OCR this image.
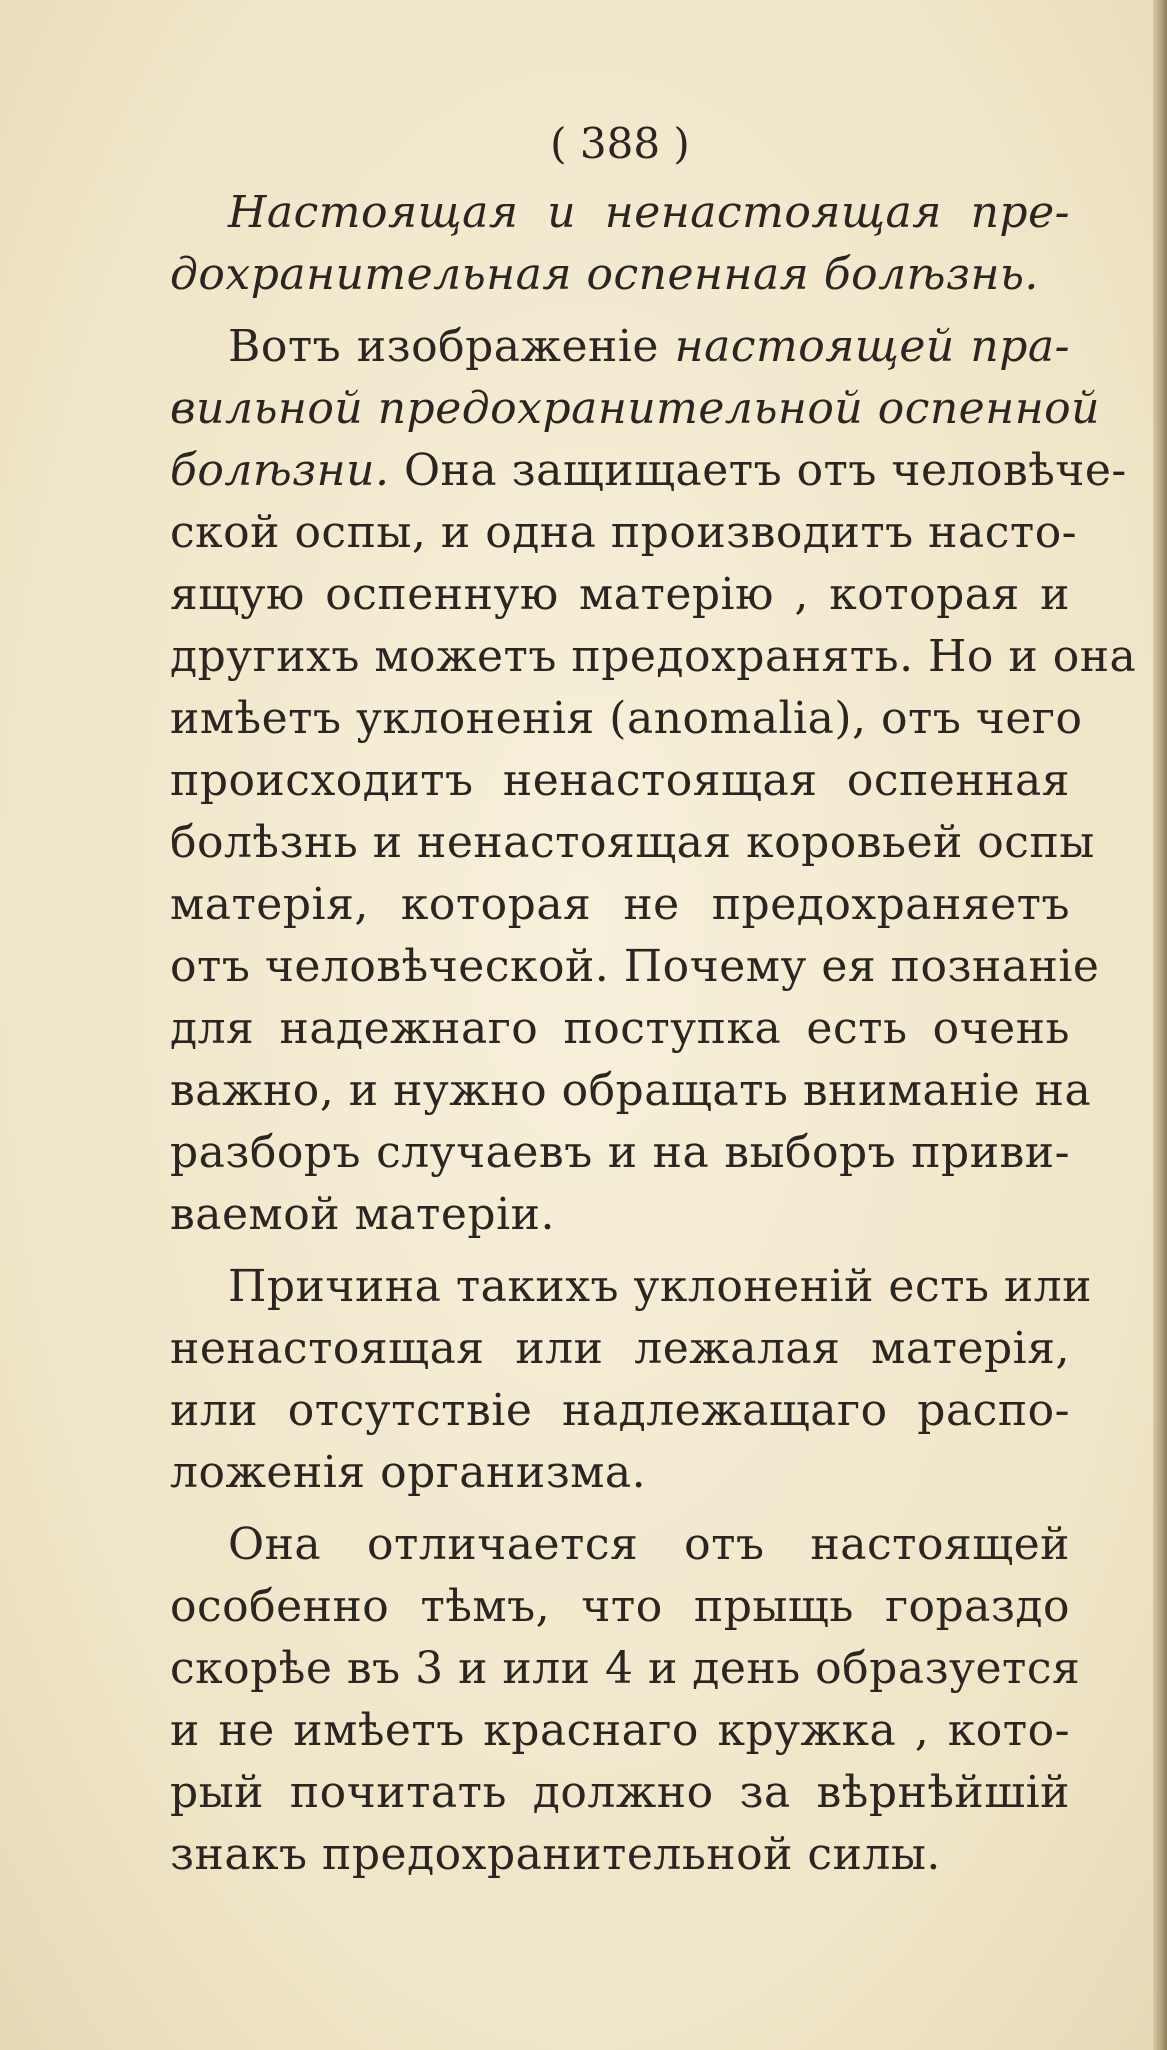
( 388 )
Настоящая и ненастоящая пре-
дохранительная оспенная болѣзнь.
Вотъ изображенiе настоящей пра-
вильной предохранительной оспенной
болѣзни. Она защищаетъ отъ человѣче-
ской оспы, и одна производитъ насто-
ящую оспенную матерiю , которая и
другихъ можетъ предохранять. Но и она
имѣетъ уклоненiя (anomalia), отъ чего
происходитъ ненастоящая оспенная
болѣзнь и ненастоящая коровьей оспы
матерiя, которая не предохраняетъ
отъ человѣческой. Почему ея познанiе
для надежнаго поступка есть очень
важно, и нужно обращать вниманiе на
разборъ случаевъ и на выборъ приви-
ваемой матерiи.
Причина такихъ уклоненiй есть или
ненастоящая или лежалая матерiя,
или отсутствiе надлежащаго распо-
ложенiя организма.
Она отличается отъ настоящей
особенно тѣмъ, что прыщь гораздо
скорѣе въ 3 и или 4 и день образуется
и не имѣетъ краснаго кружка , кото-
рый почитать должно за вѣрнѣйшiй
знакъ предохранительной силы.
